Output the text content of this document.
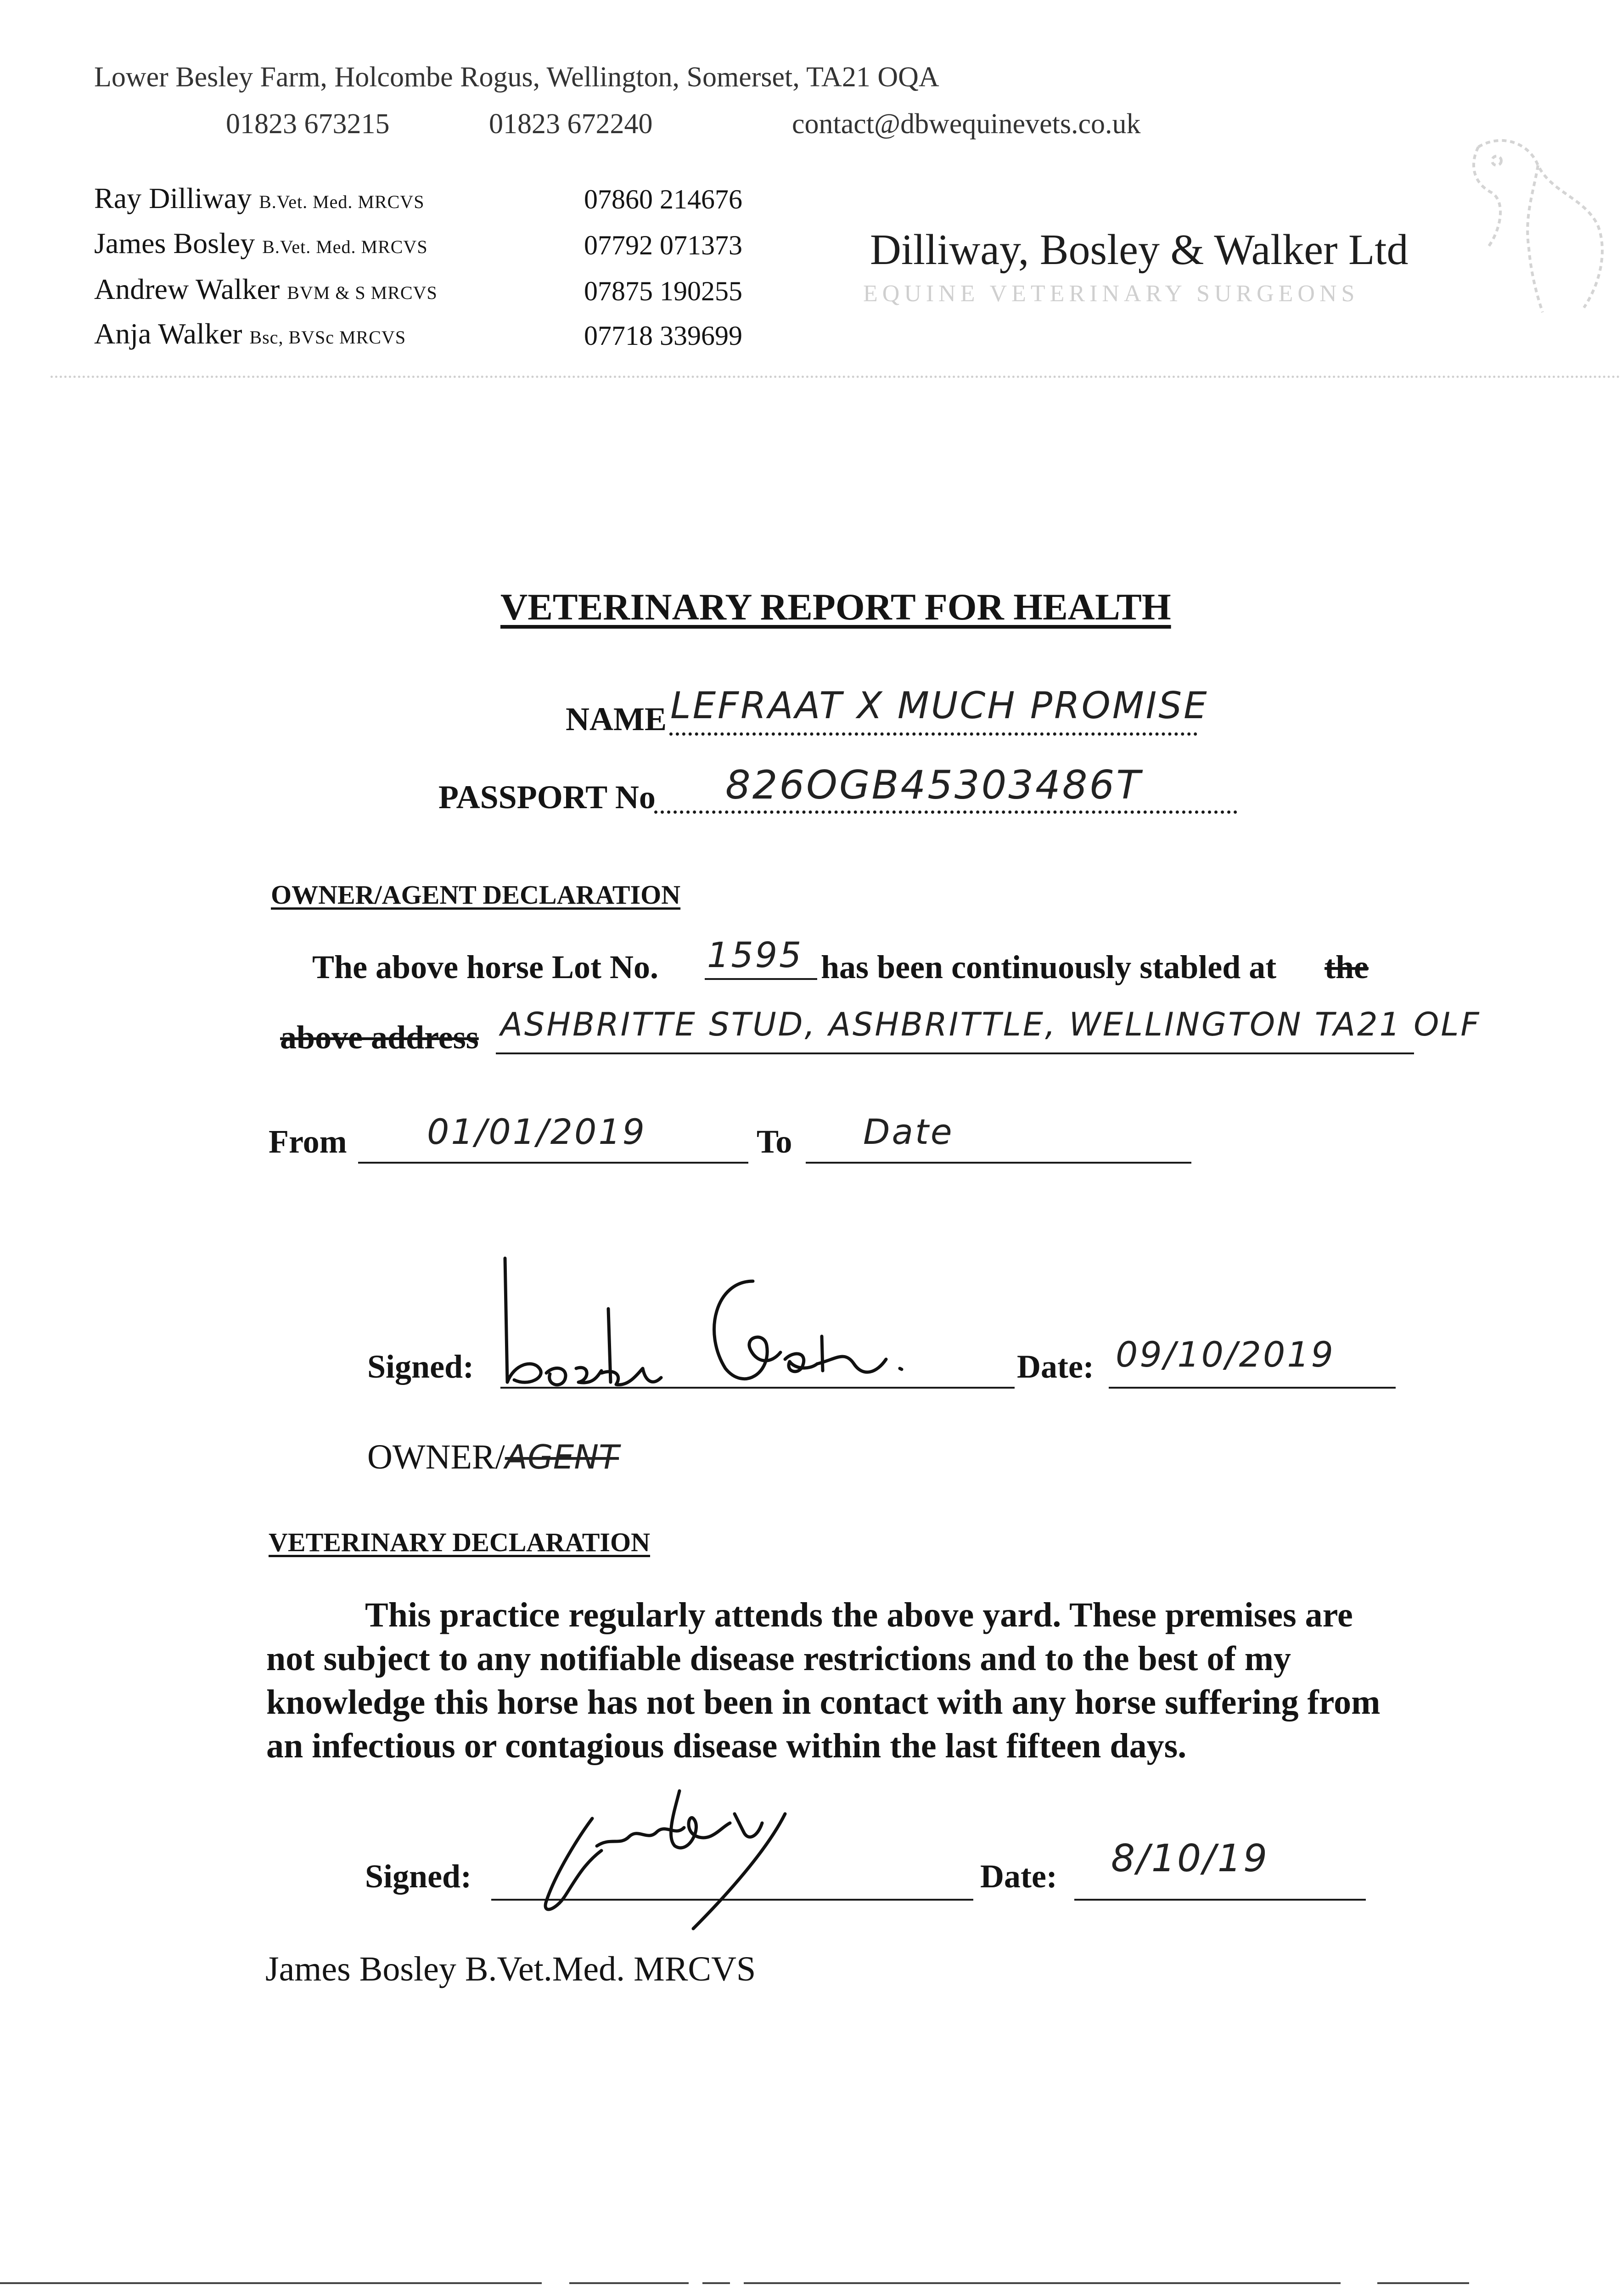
Lower Besley Farm, Holcombe Rogus, Wellington, Somerset, TA21 OQA
01823 673215	01823 672240	contact@dbwequinevets.co.uk
Ray Dilliway B.Vet. Med. MRCVS	07860 214676
James Bosley B.Vet. Med. MRCVS	07792 071373
Andrew Walker BVM & S MRCVS	07875 190255
Anja Walker Bsc, BVSc MRCVS	07718 339699
Dilliway, Bosley & Walker Ltd
EQUINE VETERINARY SURGEONS
VETERINARY REPORT FOR HEALTH
NAME LEFRAAT X MUCH PROMISE
PASSPORT No 826OGB45303486T
OWNER/AGENT DECLARATION
The above horse Lot No. 1595 has been continuously stabled at the
above address ASHBRITTE STUD, ASHBRITTLE, WELLINGTON TA21 OLF
From 01/01/2019	To Date
Signed:	Date: 09/10/2019
OWNER/AGENT
VETERINARY DECLARATION

This practice regularly attends the above yard. These premises are not subject to any notifiable disease restrictions and to the best of my knowledge this horse has not been in contact with any horse suffering from an infectious or contagious disease within the last fifteen days.

Signed:	Date: 8/10/19
James Bosley B.Vet.Med. MRCVS
